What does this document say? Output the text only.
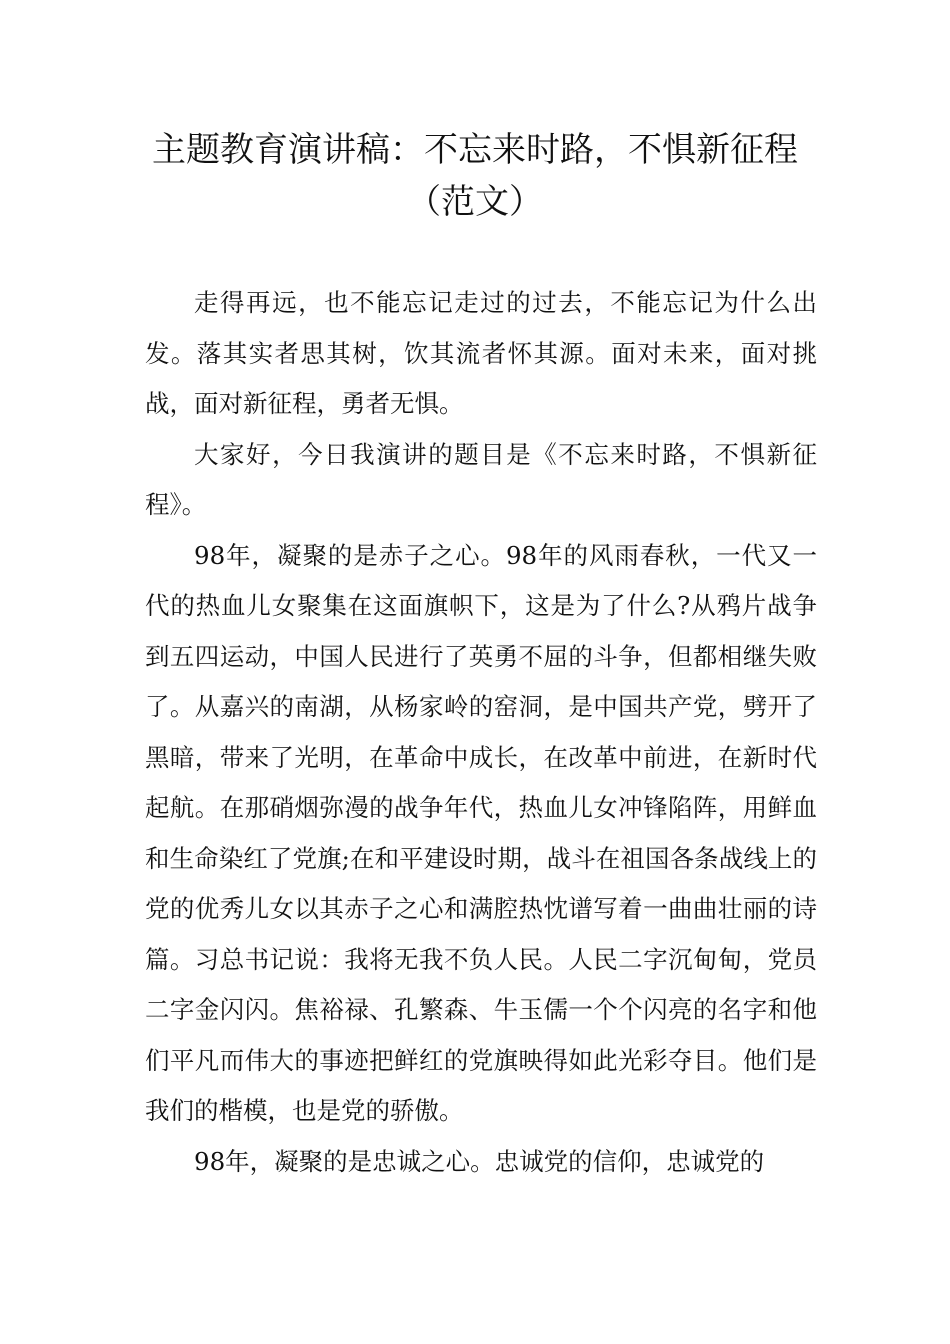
主题教育演讲稿：不忘来时路，不惧新征程（范文）

走得再远，也不能忘记走过的过去，不能忘记为什么出发。落其实者思其树，饮其流者怀其源。面对未来，面对挑战，面对新征程，勇者无惧。

大家好，今日我演讲的题目是《不忘来时路，不惧新征程》。

98年，凝聚的是赤子之心。98年的风雨春秋，一代又一代的热血儿女聚集在这面旗帜下，这是为了什么?从鸦片战争到五四运动，中国人民进行了英勇不屈的斗争，但都相继失败了。从嘉兴的南湖，从杨家岭的窑洞，是中国共产党，劈开了黑暗，带来了光明，在革命中成长，在改革中前进，在新时代起航。在那硝烟弥漫的战争年代，热血儿女冲锋陷阵，用鲜血和生命染红了党旗;在和平建设时期，战斗在祖国各条战线上的党的优秀儿女以其赤子之心和满腔热忱谱写着一曲曲壮丽的诗篇。习总书记说：我将无我不负人民。人民二字沉甸甸，党员二字金闪闪。焦裕禄、孔繁森、牛玉儒一个个闪亮的名字和他们平凡而伟大的事迹把鲜红的党旗映得如此光彩夺目。他们是我们的楷模，也是党的骄傲。

98年，凝聚的是忠诚之心。忠诚党的信仰，忠诚党的
